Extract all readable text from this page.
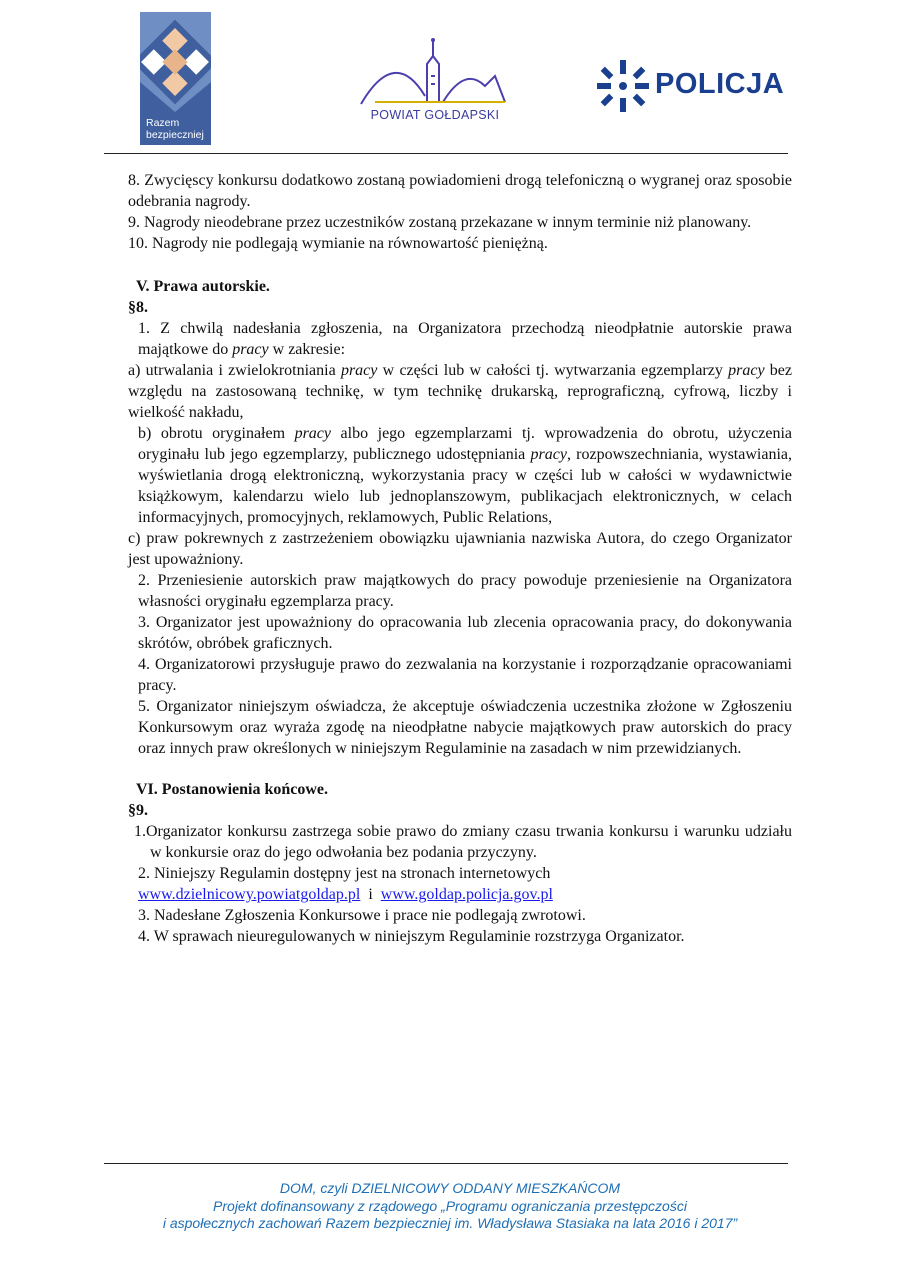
Razem
bezpieczniej
POWIAT GOŁDAPSKI
POLICJA

8. Zwycięscy konkursu dodatkowo zostaną powiadomieni drogą telefoniczną o wygranej oraz sposobie odebrania nagrody.

9. Nagrody nieodebrane przez uczestników zostaną przekazane w innym terminie niż planowany.

10. Nagrody nie podlegają wymianie na równowartość pieniężną.

V. Prawa autorskie.

§8.

1. Z chwilą nadesłania zgłoszenia, na Organizatora przechodzą nieodpłatnie autorskie prawa majątkowe do pracy w zakresie:

a) utrwalania i zwielokrotniania pracy w części lub w całości tj. wytwarzania egzemplarzy pracy bez względu na zastosowaną technikę, w tym technikę drukarską, reprograficzną, cyfrową, liczby i wielkość nakładu,

b) obrotu oryginałem pracy albo jego egzemplarzami tj. wprowadzenia do obrotu, użyczenia oryginału lub jego egzemplarzy, publicznego udostępniania pracy, rozpowszechniania, wystawiania, wyświetlania drogą elektroniczną, wykorzystania pracy w części lub w całości w wydawnictwie książkowym, kalendarzu wielo lub jednoplanszowym, publikacjach elektronicznych, w celach informacyjnych, promocyjnych, reklamowych, Public Relations,

c) praw pokrewnych z zastrzeżeniem obowiązku ujawniania nazwiska Autora, do czego Organizator jest upoważniony.

2. Przeniesienie autorskich praw majątkowych do pracy powoduje przeniesienie na Organizatora własności oryginału egzemplarza pracy.

3. Organizator jest upoważniony do opracowania lub zlecenia opracowania pracy, do dokonywania skrótów, obróbek graficznych.

4. Organizatorowi przysługuje prawo do zezwalania na korzystanie i rozporządzanie opracowaniami pracy.

5. Organizator niniejszym oświadcza, że akceptuje oświadczenia uczestnika złożone w Zgłoszeniu Konkursowym oraz wyraża zgodę na nieodpłatne nabycie majątkowych praw autorskich do pracy oraz innych praw określonych w niniejszym Regulaminie na zasadach w nim przewidzianych.

VI. Postanowienia końcowe.

§9.

1.Organizator konkursu zastrzega sobie prawo do zmiany czasu trwania konkursu i warunku udziału w konkursie oraz do jego odwołania bez podania przyczyny.

2. Niniejszy Regulamin dostępny jest na stronach internetowych

www.dzielnicowy.powiatgoldap.pl  i  www.goldap.policja.gov.pl

3. Nadesłane Zgłoszenia Konkursowe i prace nie podlegają zwrotowi.

4. W sprawach nieuregulowanych w niniejszym Regulaminie rozstrzyga Organizator.

DOM, czyli DZIELNICOWY ODDANY MIESZKAŃCOM

Projekt dofinansowany z rządowego „Programu ograniczania przestępczości

i aspołecznych zachowań Razem bezpieczniej im. Władysława Stasiaka na lata 2016 i 2017”
